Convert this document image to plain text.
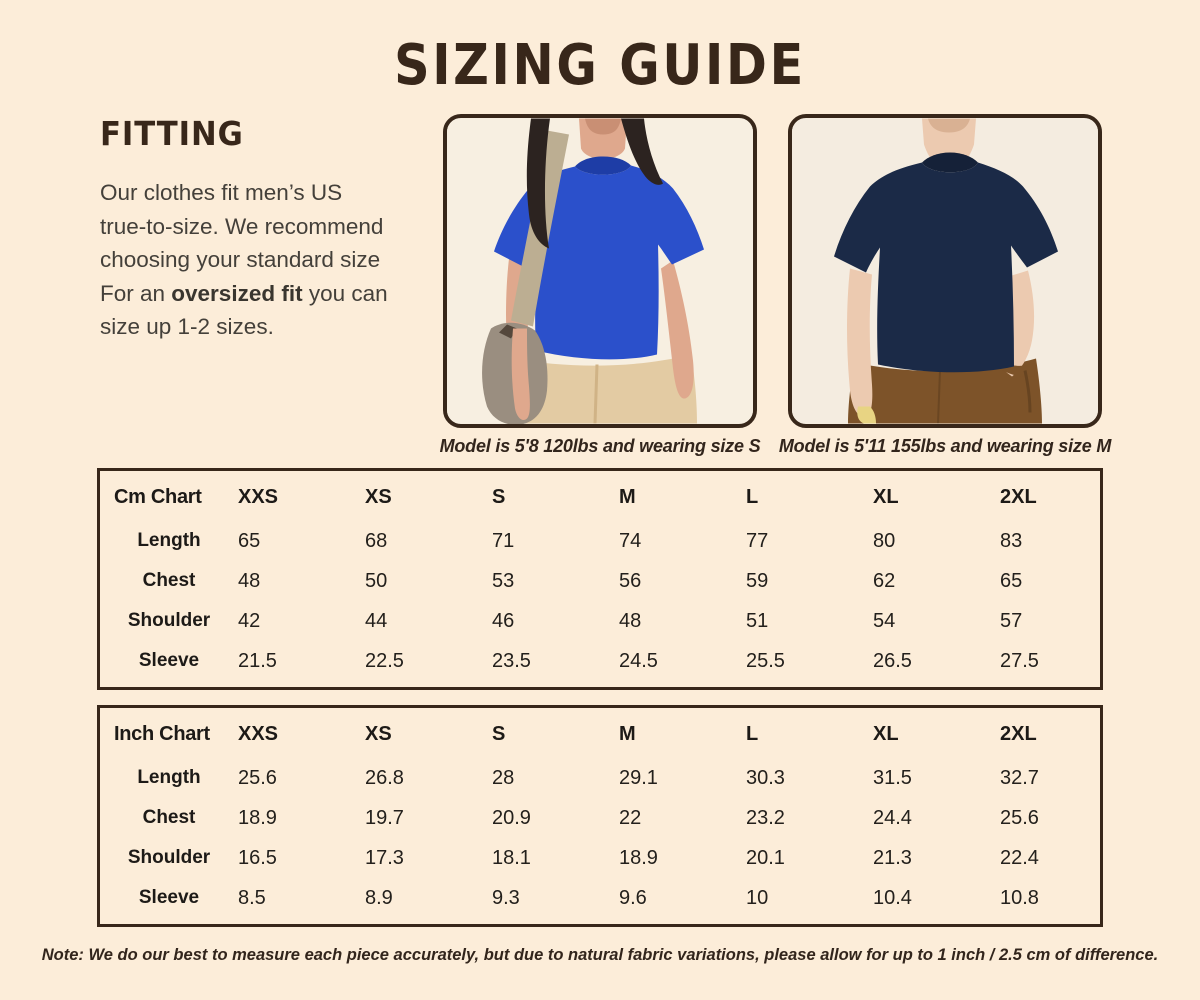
SIZING GUIDE
FITTING
Our clothes fit men’s US
true-to-size. We recommend
choosing your standard size
For an oversized fit you can
size up 1-2 sizes.
Model is 5'8 120lbs and wearing size S	Model is 5'11 155lbs and wearing size M
Cm Chart	XXS	XS	S	M	L	XL	2XL
Length	65	68	71	74	77	80	83
Chest	48	50	53	56	59	62	65
Shoulder	42	44	46	48	51	54	57
Sleeve	21.5	22.5	23.5	24.5	25.5	26.5	27.5
Inch Chart	XXS	XS	S	M	L	XL	2XL
Length	25.6	26.8	28	29.1	30.3	31.5	32.7
Chest	18.9	19.7	20.9	22	23.2	24.4	25.6
Shoulder	16.5	17.3	18.1	18.9	20.1	21.3	22.4
Sleeve	8.5	8.9	9.3	9.6	10	10.4	10.8
Note: We do our best to measure each piece accurately, but due to natural fabric variations, please allow for up to 1 inch / 2.5 cm of difference.
